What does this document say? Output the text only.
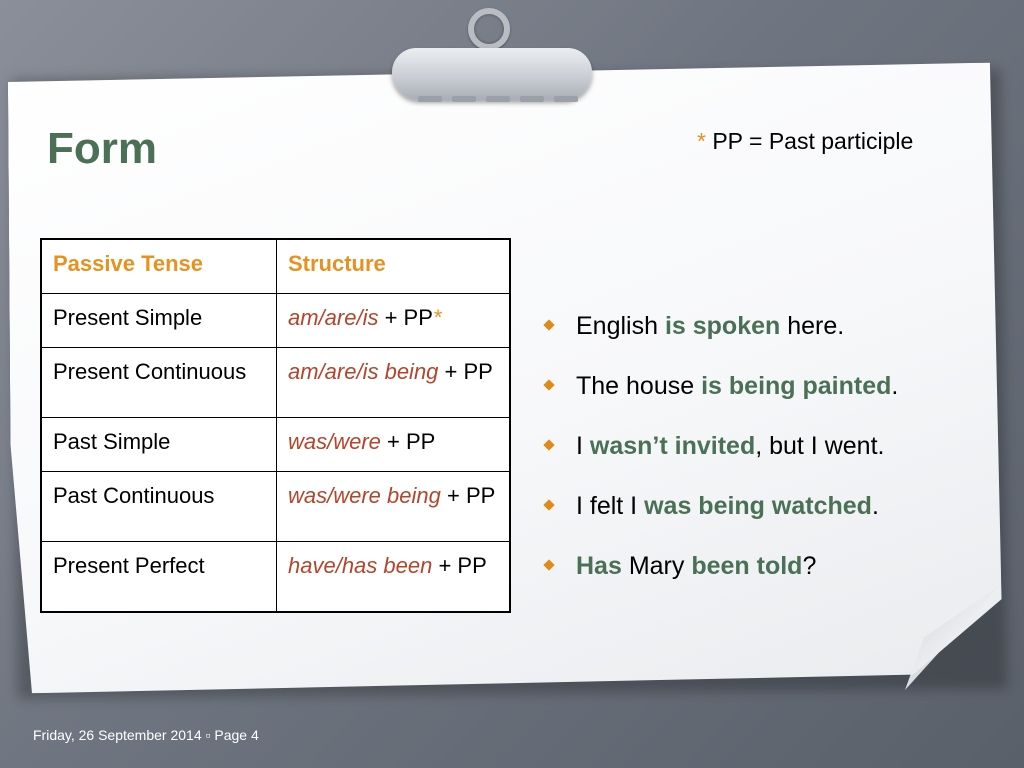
Form	* PP = Past participle
Passive Tense	Structure
Present Simple	am/are/is + PP*
Present Continuous	am/are/is being + PP
Past Simple	was/were + PP
Past Continuous	was/were being + PP
Present Perfect	have/has been + PP
English is spoken here.
The house is being painted.
I wasn’t invited, but I went.
I felt I was being watched.
Has Mary been told?
Friday, 26 September 2014 ▫ Page 4
